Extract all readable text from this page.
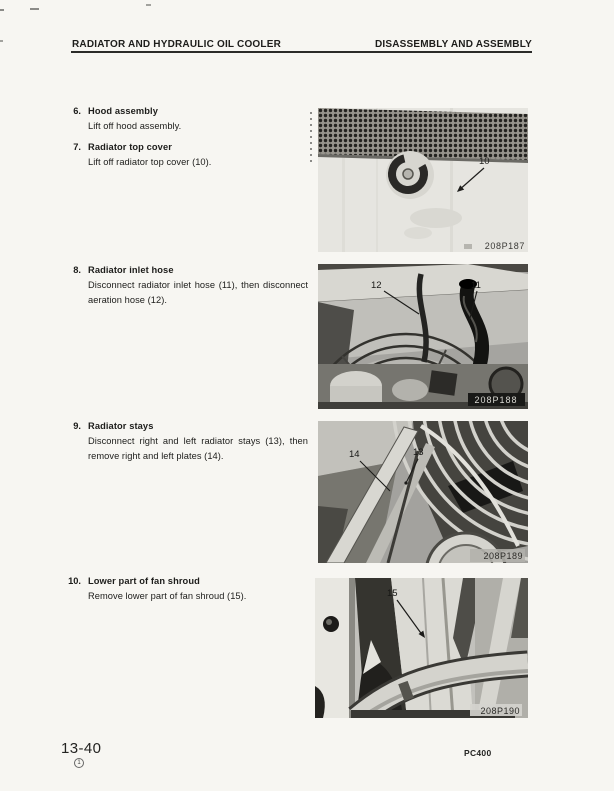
RADIATOR AND HYDRAULIC OIL COOLER	DISASSEMBLY AND ASSEMBLY
6. Hood assembly
Lift off hood assembly.
7. Radiator top cover
Lift off radiator top cover (10).
8. Radiator inlet hose
Disconnect radiator inlet hose (11), then disconnect
aeration hose (12).
9. Radiator stays
Disconnect right and left radiator stays (13), then
remove right and left plates (14).
10. Lower part of fan shroud
Remove lower part of fan shroud (15).
10
208P187
12	11
208P188
14	13
208P189
15
208P190
13-40
1
PC400
